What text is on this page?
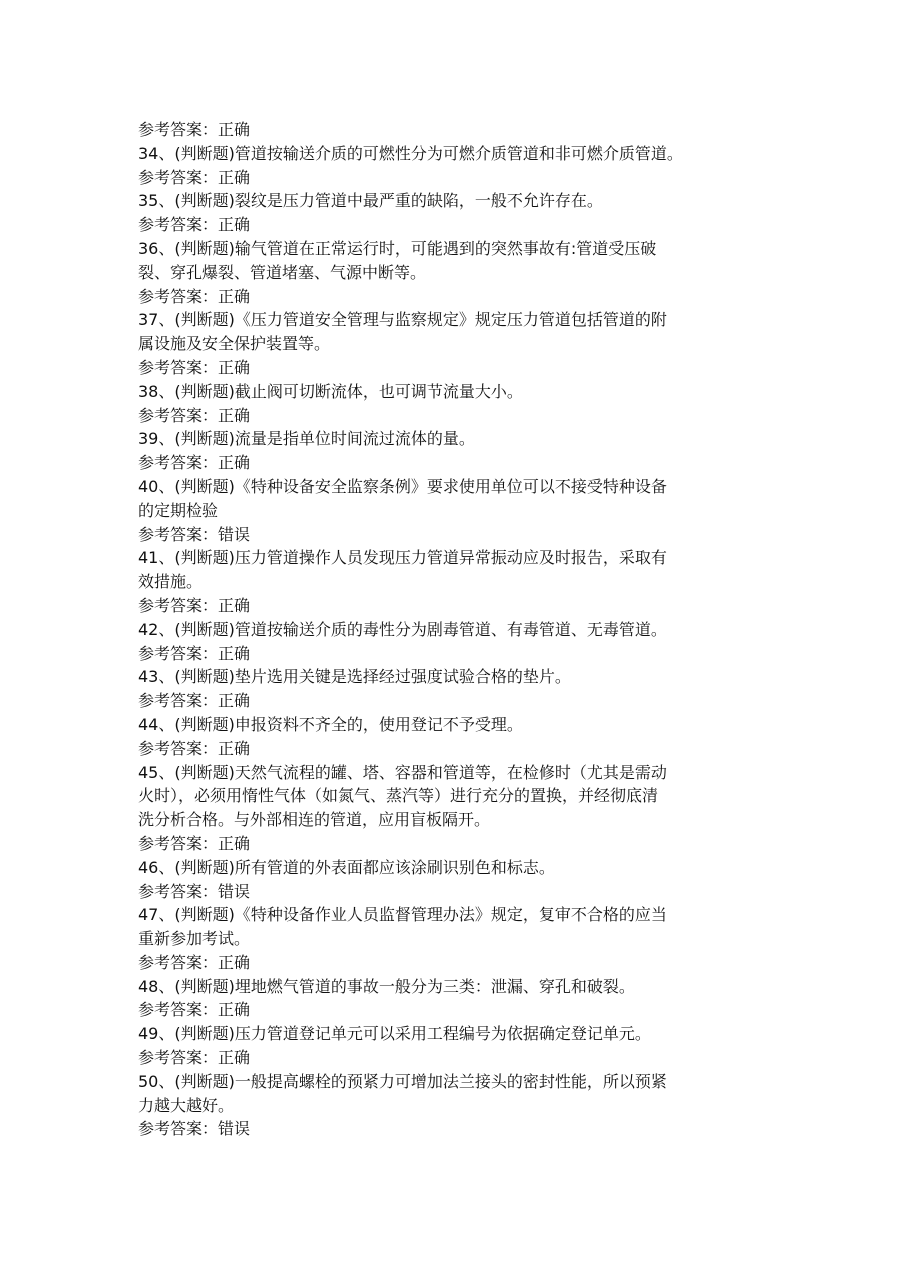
参考答案：正确
34、(判断题)管道按输送介质的可燃性分为可燃介质管道和非可燃介质管道。
参考答案：正确
35、(判断题)裂纹是压力管道中最严重的缺陷，一般不允许存在。
参考答案：正确
36、(判断题)输气管道在正常运行时，可能遇到的突然事故有:管道受压破
裂、穿孔爆裂、管道堵塞、气源中断等。
参考答案：正确
37、(判断题)《压力管道安全管理与监察规定》规定压力管道包括管道的附
属设施及安全保护装置等。
参考答案：正确
38、(判断题)截止阀可切断流体，也可调节流量大小。
参考答案：正确
39、(判断题)流量是指单位时间流过流体的量。
参考答案：正确
40、(判断题)《特种设备安全监察条例》要求使用单位可以不接受特种设备
的定期检验
参考答案：错误
41、(判断题)压力管道操作人员发现压力管道异常振动应及时报告，采取有
效措施。
参考答案：正确
42、(判断题)管道按输送介质的毒性分为剧毒管道、有毒管道、无毒管道。
参考答案：正确
43、(判断题)垫片选用关键是选择经过强度试验合格的垫片。
参考答案：正确
44、(判断题)申报资料不齐全的，使用登记不予受理。
参考答案：正确
45、(判断题)天然气流程的罐、塔、容器和管道等，在检修时（尤其是需动
火时），必须用惰性气体（如氮气、蒸汽等）进行充分的置换，并经彻底清
洗分析合格。与外部相连的管道，应用盲板隔开。
参考答案：正确
46、(判断题)所有管道的外表面都应该涂刷识别色和标志。
参考答案：错误
47、(判断题)《特种设备作业人员监督管理办法》规定，复审不合格的应当
重新参加考试。
参考答案：正确
48、(判断题)埋地燃气管道的事故一般分为三类：泄漏、穿孔和破裂。
参考答案：正确
49、(判断题)压力管道登记单元可以采用工程编号为依据确定登记单元。
参考答案：正确
50、(判断题)一般提高螺栓的预紧力可增加法兰接头的密封性能，所以预紧
力越大越好。
参考答案：错误
